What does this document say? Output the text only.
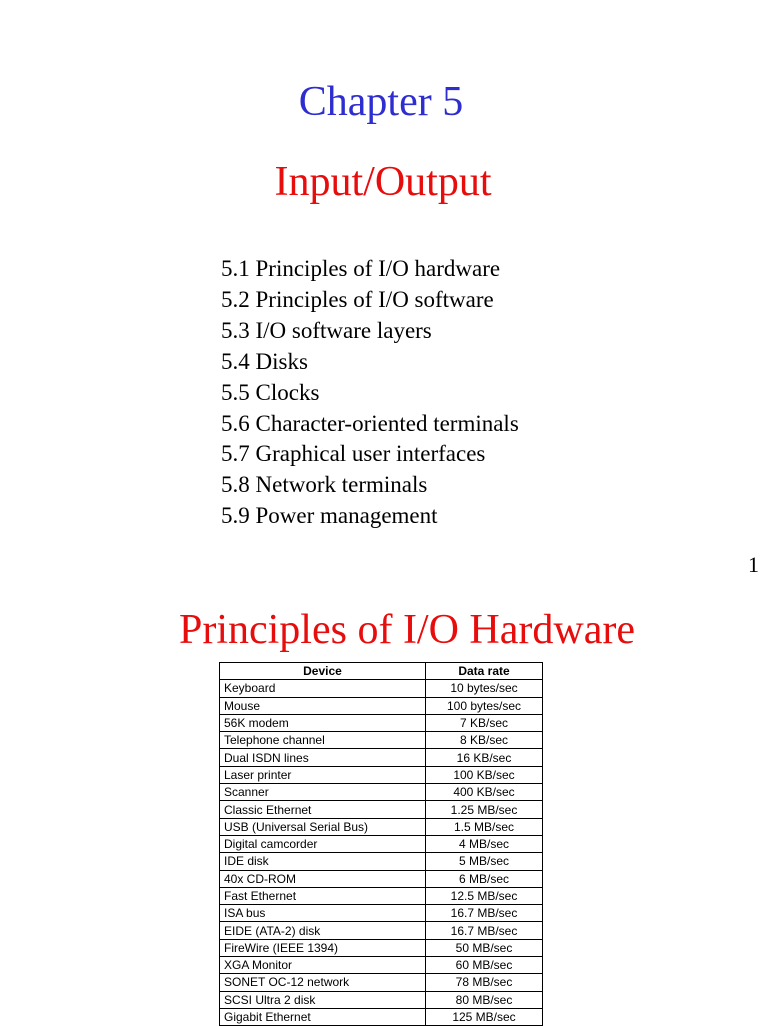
Chapter 5
Input/Output
5.1 Principles of I/O hardware
5.2 Principles of I/O software
5.3 I/O software layers
5.4 Disks
5.5 Clocks
5.6 Character-oriented terminals
5.7 Graphical user interfaces
5.8 Network terminals
5.9 Power management
1
Principles of I/O Hardware
Device	Data rate
Keyboard	10 bytes/sec
Mouse	100 bytes/sec
56K modem	7 KB/sec
Telephone channel	8 KB/sec
Dual ISDN lines	16 KB/sec
Laser printer	100 KB/sec
Scanner	400 KB/sec
Classic Ethernet	1.25 MB/sec
USB (Universal Serial Bus)	1.5 MB/sec
Digital camcorder	4 MB/sec
IDE disk	5 MB/sec
40x CD-ROM	6 MB/sec
Fast Ethernet	12.5 MB/sec
ISA bus	16.7 MB/sec
EIDE (ATA-2) disk	16.7 MB/sec
FireWire (IEEE 1394)	50 MB/sec
XGA Monitor	60 MB/sec
SONET OC-12 network	78 MB/sec
SCSI Ultra 2 disk	80 MB/sec
Gigabit Ethernet	125 MB/sec
